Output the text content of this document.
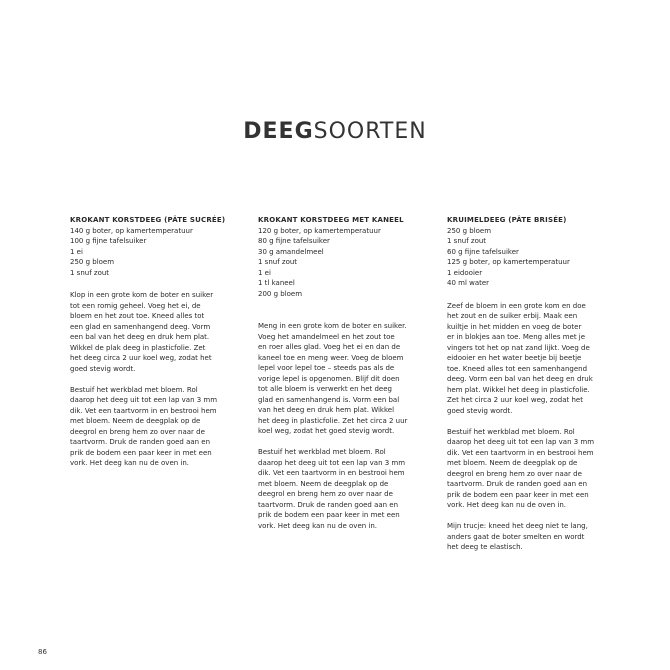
DEEGSOORTEN
KROKANT KORSTDEEG (PÂTE SUCRÉE)
140 g boter, op kamertemperatuur
100 g fijne tafelsuiker
1 ei
250 g bloem
1 snuf zout

Klop in een grote kom de boter en suiker
tot een romig geheel. Voeg het ei, de
bloem en het zout toe. Kneed alles tot
een glad en samenhangend deeg. Vorm
een bal van het deeg en druk hem plat.
Wikkel de plak deeg in plasticfolie. Zet
het deeg circa 2 uur koel weg, zodat het
goed stevig wordt.

Bestuif het werkblad met bloem. Rol
daarop het deeg uit tot een lap van 3 mm
dik. Vet een taartvorm in en bestrooi hem
met bloem. Neem de deegplak op de
deegrol en breng hem zo over naar de
taartvorm. Druk de randen goed aan en
prik de bodem een paar keer in met een
vork. Het deeg kan nu de oven in.

KROKANT KORSTDEEG MET KANEEL
120 g boter, op kamertemperatuur
80 g fijne tafelsuiker
30 g amandelmeel
1 snuf zout
1 ei
1 tl kaneel
200 g bloem

Meng in een grote kom de boter en suiker.
Voeg het amandelmeel en het zout toe
en roer alles glad. Voeg het ei en dan de
kaneel toe en meng weer. Voeg de bloem
lepel voor lepel toe – steeds pas als de
vorige lepel is opgenomen. Blijf dit doen
tot alle bloem is verwerkt en het deeg
glad en samenhangend is. Vorm een bal
van het deeg en druk hem plat. Wikkel
het deeg in plasticfolie. Zet het circa 2 uur
koel weg, zodat het goed stevig wordt.

Bestuif het werkblad met bloem. Rol
daarop het deeg uit tot een lap van 3 mm
dik. Vet een taartvorm in en bestrooi hem
met bloem. Neem de deegplak op de
deegrol en breng hem zo over naar de
taartvorm. Druk de randen goed aan en
prik de bodem een paar keer in met een
vork. Het deeg kan nu de oven in.

KRUIMELDEEG (PÂTE BRISÉE)
250 g bloem
1 snuf zout
60 g fijne tafelsuiker
125 g boter, op kamertemperatuur
1 eidooier
40 ml water

Zeef de bloem in een grote kom en doe
het zout en de suiker erbij. Maak een
kuiltje in het midden en voeg de boter
er in blokjes aan toe. Meng alles met je
vingers tot het op nat zand lijkt. Voeg de
eidooier en het water beetje bij beetje
toe. Kneed alles tot een samenhangend
deeg. Vorm een bal van het deeg en druk
hem plat. Wikkel het deeg in plasticfolie.
Zet het circa 2 uur koel weg, zodat het
goed stevig wordt.

Bestuif het werkblad met bloem. Rol
daarop het deeg uit tot een lap van 3 mm
dik. Vet een taartvorm in en bestrooi hem
met bloem. Neem de deegplak op de
deegrol en breng hem zo over naar de
taartvorm. Druk de randen goed aan en
prik de bodem een paar keer in met een
vork. Het deeg kan nu de oven in.

Mijn trucje: kneed het deeg niet te lang,
anders gaat de boter smelten en wordt
het deeg te elastisch.

86
